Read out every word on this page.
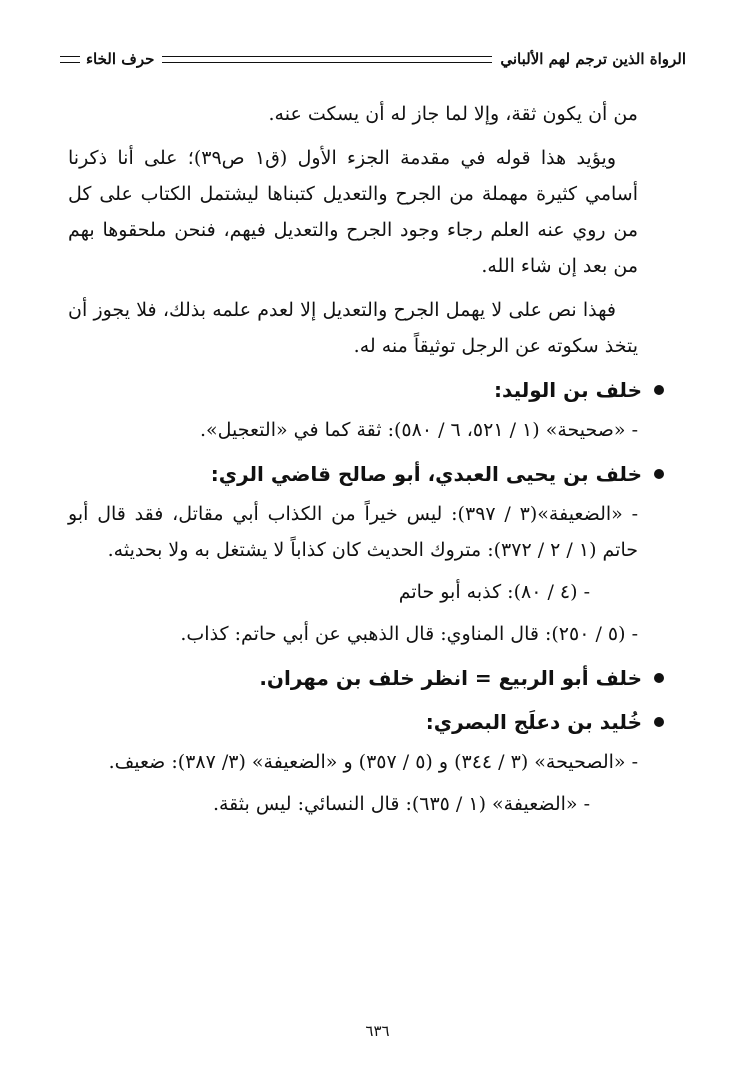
الرواة الذين ترجم لهم الألباني
حرف الخاء

من أن يكون ثقة، وإلا لما جاز له أن يسكت عنه.

ويؤيد هذا قوله في مقدمة الجزء الأول (ق١ ص٣٩)؛ على أنا ذكرنا أسامي كثيرة مهملة من الجرح والتعديل كتبناها ليشتمل الكتاب على كل من روي عنه العلم رجاء وجود الجرح والتعديل فيهم، فنحن ملحقوها بهم من بعد إن شاء الله.

فهذا نص على لا يهمل الجرح والتعديل إلا لعدم علمه بذلك، فلا يجوز أن يتخذ سكوته عن الرجل توثيقاً منه له.

خلف بن الوليد:

- «صحيحة» (١ / ٥٢١، ٦ / ٥٨٠): ثقة كما في «التعجيل».

خلف بن يحيى العبدي، أبو صالح قاضي الري:

- «الضعيفة»(٣ / ٣٩٧): ليس خيراً من الكذاب أبي مقاتل، فقد قال أبو حاتم (١ / ٢ / ٣٧٢): متروك الحديث كان كذاباً لا يشتغل به ولا بحديثه.

- (٤ / ٨٠): كذبه أبو حاتم

- (٥ / ٢٥٠): قال المناوي: قال الذهبي عن أبي حاتم: كذاب.

خلف أبو الربيع = انظر خلف بن مهران.
خُليد بن دعلَج البصري:

- «الصحيحة» (٣ / ٣٤٤) و (٥ / ٣٥٧) و «الضعيفة» (٣/ ٣٨٧): ضعيف.

- «الضعيفة» (١ / ٦٣٥): قال النسائي: ليس بثقة.

٦٣٦
